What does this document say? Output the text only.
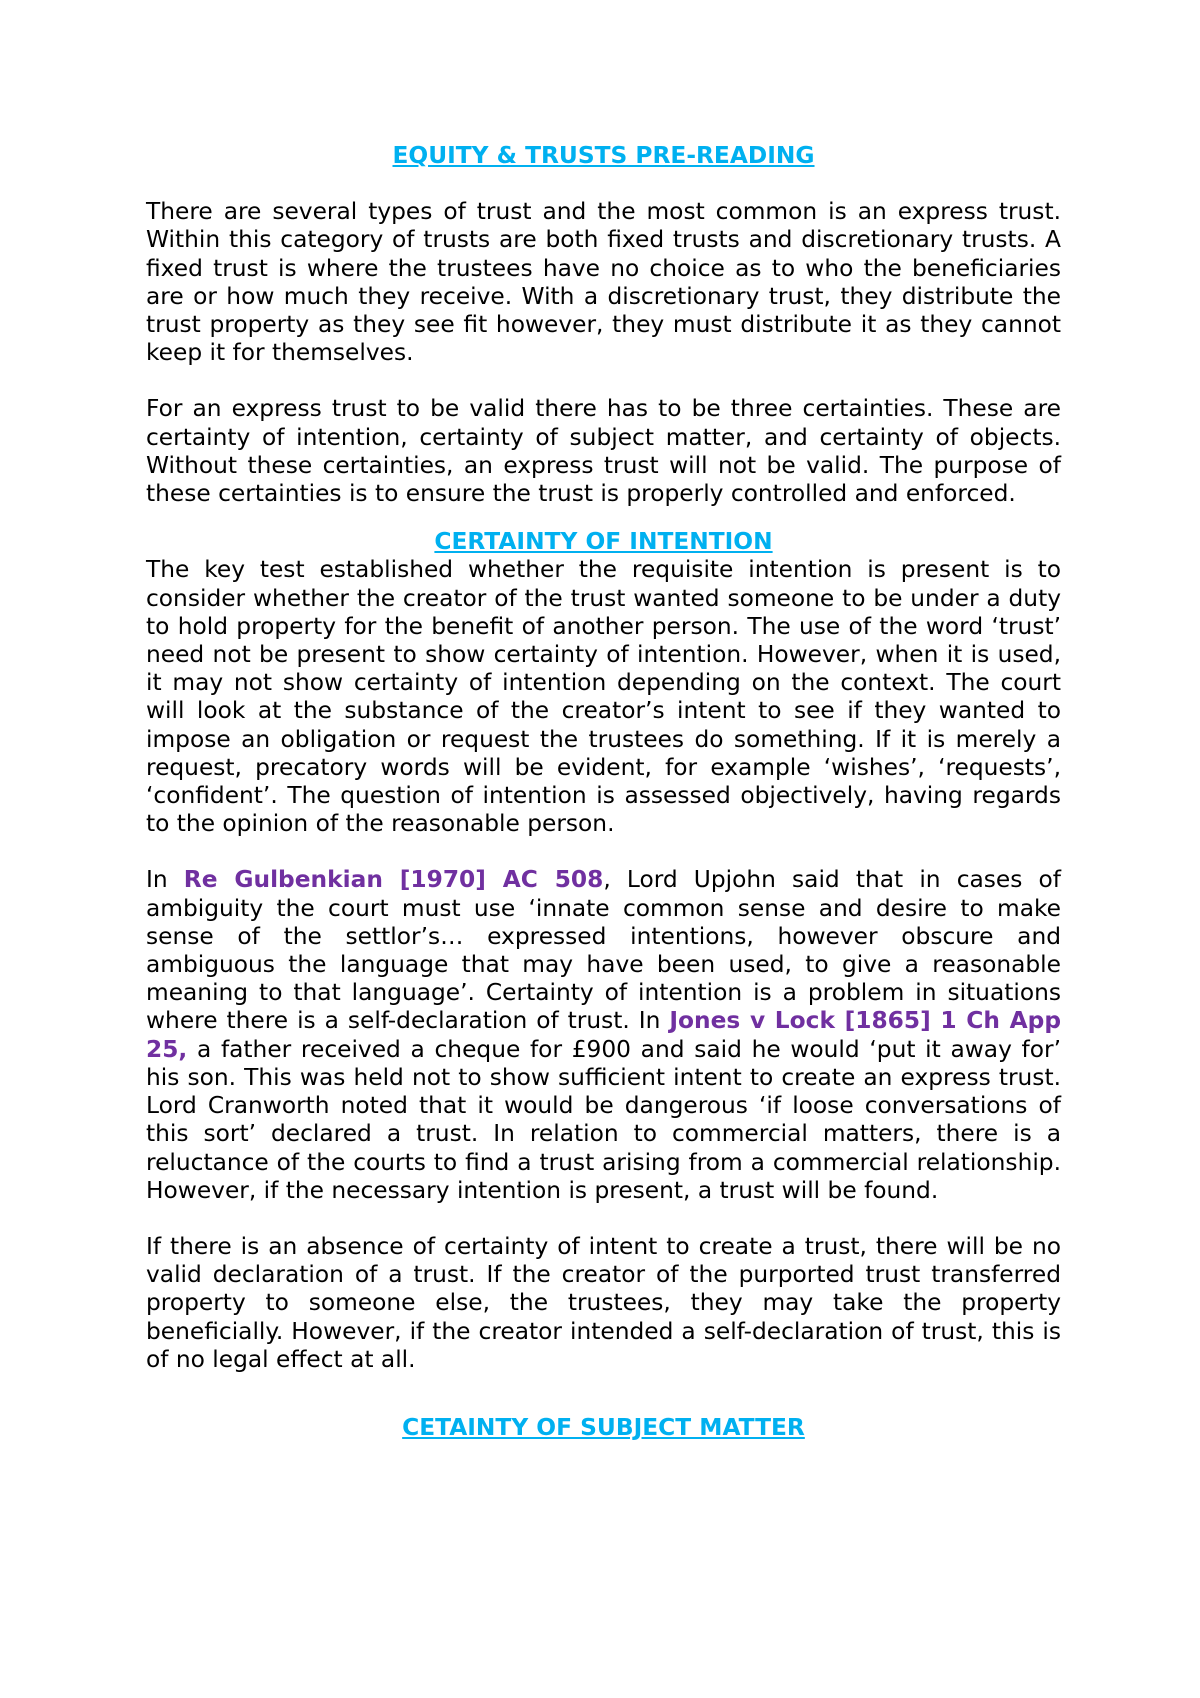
EQUITY & TRUSTS PRE-READING

There are several types of trust and the most common is an express trust. Within this category of trusts are both fixed trusts and discretionary trusts. A fixed trust is where the trustees have no choice as to who the beneficiaries are or how much they receive. With a discretionary trust, they distribute the trust property as they see fit however, they must distribute it as they cannot keep it for themselves.

For an express trust to be valid there has to be three certainties. These are certainty of intention, certainty of subject matter, and certainty of objects. Without these certainties, an express trust will not be valid. The purpose of these certainties is to ensure the trust is properly controlled and enforced.

CERTAINTY OF INTENTION

The key test established whether the requisite intention is present is to consider whether the creator of the trust wanted someone to be under a duty to hold property for the benefit of another person. The use of the word ‘trust’ need not be present to show certainty of intention. However, when it is used, it may not show certainty of intention depending on the context. The court will look at the substance of the creator’s intent to see if they wanted to impose an obligation or request the trustees do something. If it is merely a request, precatory words will be evident, for example ‘wishes’, ‘requests’, ‘confident’. The question of intention is assessed objectively, having regards to the opinion of the reasonable person.

In Re Gulbenkian [1970] AC 508, Lord Upjohn said that in cases of ambiguity the court must use ‘innate common sense and desire to make sense of the settlor’s… expressed intentions, however obscure and ambiguous the language that may have been used, to give a reasonable meaning to that language’. Certainty of intention is a problem in situations where there is a self-declaration of trust. In Jones v Lock [1865] 1 Ch App 25, a father received a cheque for £900 and said he would ‘put it away for’ his son. This was held not to show sufficient intent to create an express trust. Lord Cranworth noted that it would be dangerous ‘if loose conversations of this sort’ declared a trust. In relation to commercial matters, there is a reluctance of the courts to find a trust arising from a commercial relationship. However, if the necessary intention is present, a trust will be found.

If there is an absence of certainty of intent to create a trust, there will be no valid declaration of a trust. If the creator of the purported trust transferred property to someone else, the trustees, they may take the property beneficially. However, if the creator intended a self-declaration of trust, this is of no legal effect at all.

CETAINTY OF SUBJECT MATTER
